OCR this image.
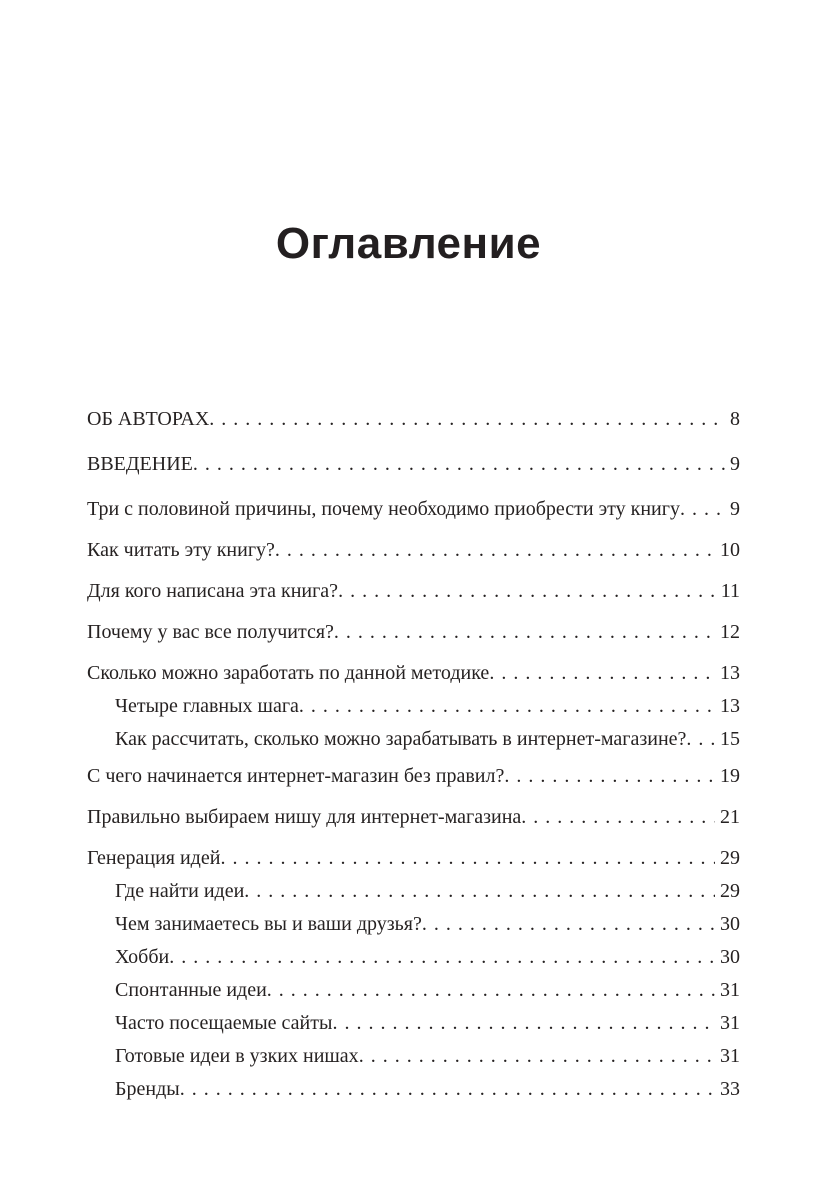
Оглавление
ОБ АВТОРАХ . . .	8
ВВЕДЕНИЕ . . .	9
Три с половиной причины, почему необходимо приобрести эту книгу . . .	9
Как читать эту книгу? . . .	10
Для кого написана эта книга? . . .	11
Почему у вас все получится? . . .	12
Сколько можно заработать по данной методике . . .	13
Четыре главных шага . . .	13
Как рассчитать, сколько можно зарабатывать в интернет-магазине? . . . 15
С чего начинается интернет-магазин без правил? . . .	19
Правильно выбираем нишу для интернет-магазина . . .	21
Генерация идей . . .	29
Где найти идеи . . .	29
Чем занимаетесь вы и ваши друзья? . . .	30
Хобби . . .	30
Спонтанные идеи . . .	31
Часто посещаемые сайты . . .	31
Готовые идеи в узких нишах . . .	31
Бренды . . .	33
